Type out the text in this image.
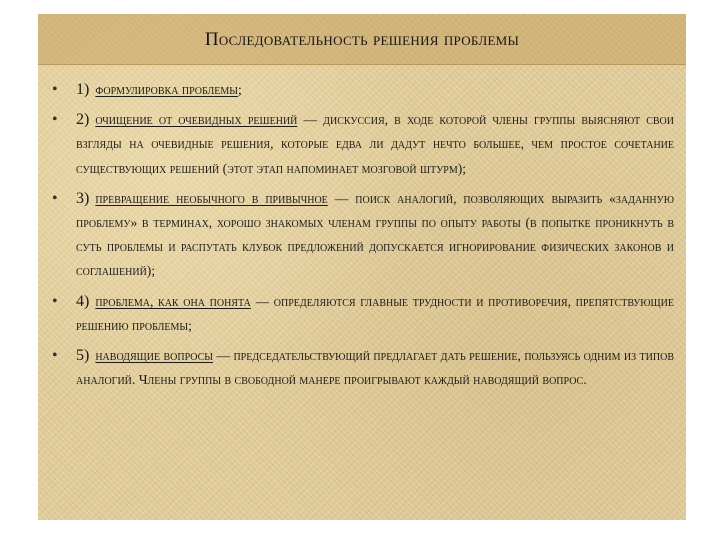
Последовательность решения проблемы
• 1) формулировка проблемы;
• 2) очищение от очевидных решений — дискуссия, в ходе которой члены группы выясняют свои взгляды на очевидные решения, которые едва ли дадут нечто большее, чем простое сочетание существующих решений (этот этап напоминает мозговой штурм);
• 3) превращение необычного в привычное — поиск аналогий, позволяющих выразить «заданную проблему» в терминах, хорошо знакомых членам группы по опыту работы (в попытке проникнуть в суть проблемы и распутать клубок предложений допускается игнорирование физических законов и соглашений);
• 4) проблема, как она понята — определяются главные трудности и противоречия, препятствующие решению проблемы;
• 5) наводящие вопросы — председательствующий предлагает дать решение, пользуясь одним из типов аналогий. Члены группы в свободной манере проигрывают каждый наводящий вопрос.
